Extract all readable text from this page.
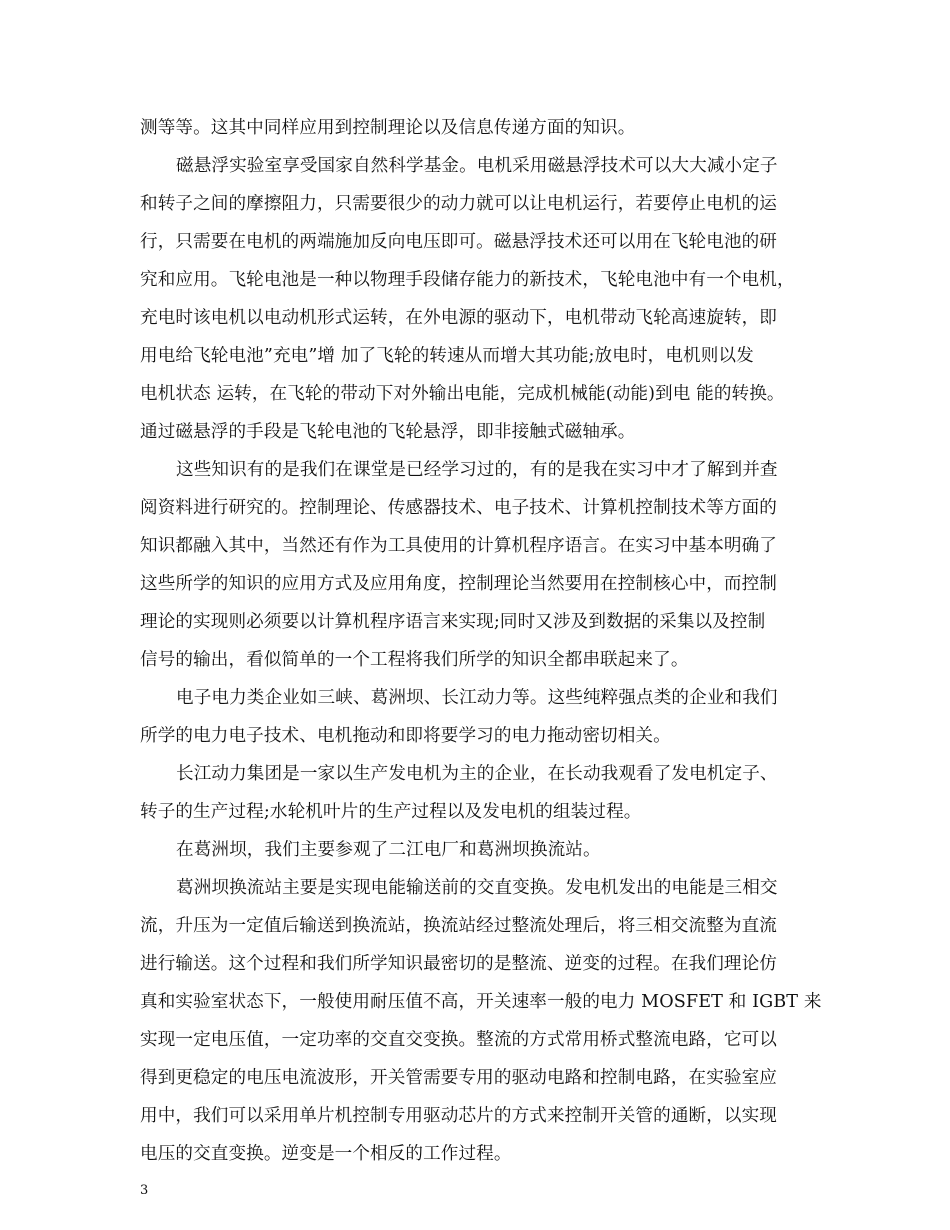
测等等。这其中同样应用到控制理论以及信息传递方面的知识。
磁悬浮实验室享受国家自然科学基金。电机采用磁悬浮技术可以大大减小定子
和转子之间的摩擦阻力，只需要很少的动力就可以让电机运行，若要停止电机的运
行，只需要在电机的两端施加反向电压即可。磁悬浮技术还可以用在飞轮电池的研
究和应用。飞轮电池是一种以物理手段储存能力的新技术，飞轮电池中有一个电机，
充电时该电机以电动机形式运转，在外电源的驱动下，电机带动飞轮高速旋转，即
用电给飞轮电池”充电”增 加了飞轮的转速从而增大其功能;放电时，电机则以发
电机状态 运转，在飞轮的带动下对外输出电能，完成机械能(动能)到电 能的转换。
通过磁悬浮的手段是飞轮电池的飞轮悬浮，即非接触式磁轴承。
这些知识有的是我们在课堂是已经学习过的，有的是我在实习中才了解到并查
阅资料进行研究的。控制理论、传感器技术、电子技术、计算机控制技术等方面的
知识都融入其中，当然还有作为工具使用的计算机程序语言。在实习中基本明确了
这些所学的知识的应用方式及应用角度，控制理论当然要用在控制核心中，而控制
理论的实现则必须要以计算机程序语言来实现;同时又涉及到数据的采集以及控制
信号的输出，看似简单的一个工程将我们所学的知识全都串联起来了。
电子电力类企业如三峡、葛洲坝、长江动力等。这些纯粹强点类的企业和我们
所学的电力电子技术、电机拖动和即将要学习的电力拖动密切相关。
长江动力集团是一家以生产发电机为主的企业，在长动我观看了发电机定子、
转子的生产过程;水轮机叶片的生产过程以及发电机的组装过程。
在葛洲坝，我们主要参观了二江电厂和葛洲坝换流站。
葛洲坝换流站主要是实现电能输送前的交直变换。发电机发出的电能是三相交
流，升压为一定值后输送到换流站，换流站经过整流处理后，将三相交流整为直流
进行输送。这个过程和我们所学知识最密切的是整流、逆变的过程。在我们理论仿
真和实验室状态下，一般使用耐压值不高，开关速率一般的电力 MOSFET 和 IGBT 来
实现一定电压值，一定功率的交直交变换。整流的方式常用桥式整流电路，它可以
得到更稳定的电压电流波形，开关管需要专用的驱动电路和控制电路，在实验室应
用中，我们可以采用单片机控制专用驱动芯片的方式来控制开关管的通断，以实现
电压的交直变换。逆变是一个相反的工作过程。
3
